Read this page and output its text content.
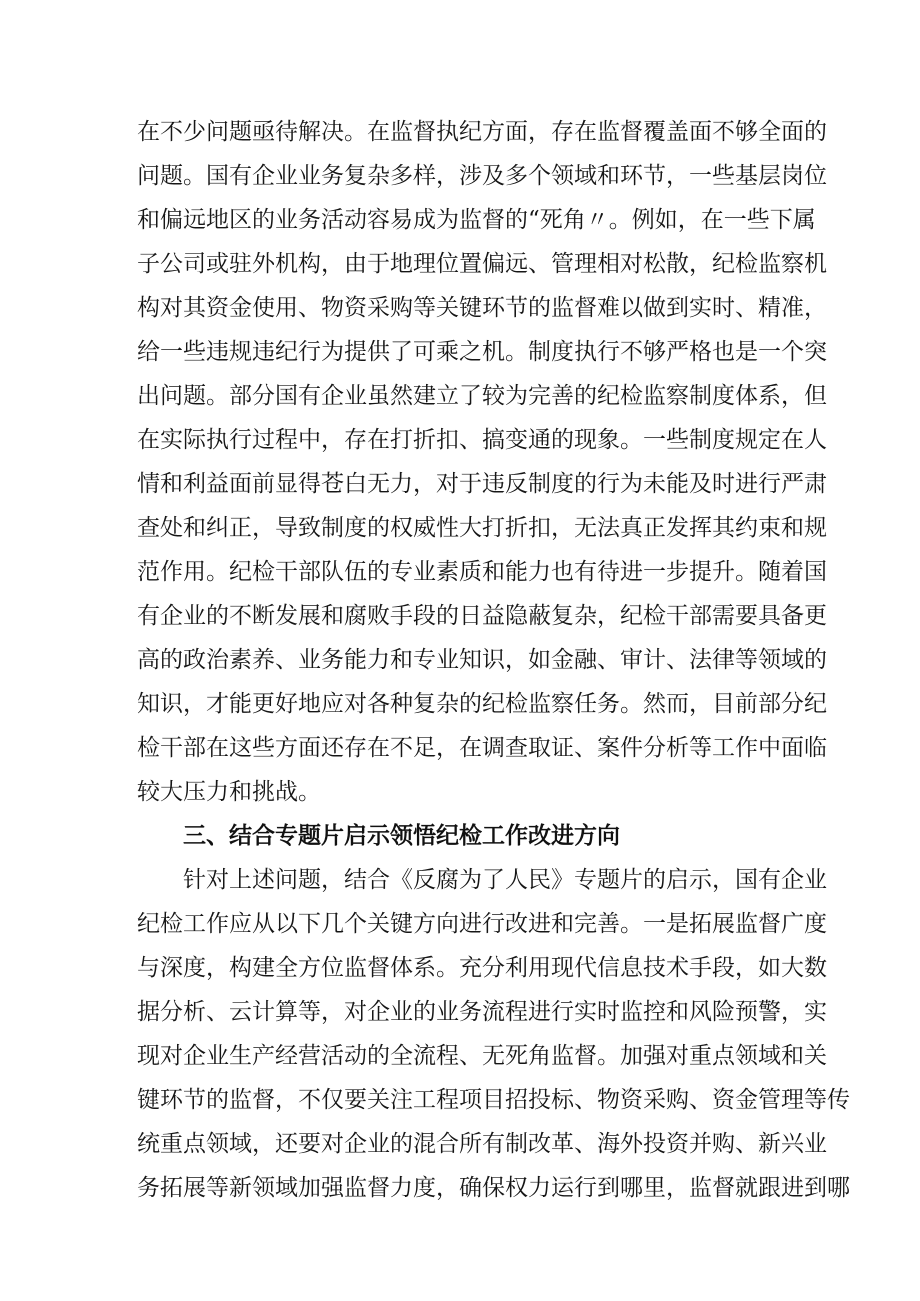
在不少问题亟待解决。在监督执纪方面，存在监督覆盖面不够全面的
问题。国有企业业务复杂多样，涉及多个领域和环节，一些基层岗位
和偏远地区的业务活动容易成为监督的“死角〃。例如，在一些下属
子公司或驻外机构，由于地理位置偏远、管理相对松散，纪检监察机
构对其资金使用、物资采购等关键环节的监督难以做到实时、精准，
给一些违规违纪行为提供了可乘之机。制度执行不够严格也是一个突
出问题。部分国有企业虽然建立了较为完善的纪检监察制度体系，但
在实际执行过程中，存在打折扣、搞变通的现象。一些制度规定在人
情和利益面前显得苍白无力，对于违反制度的行为未能及时进行严肃
查处和纠正，导致制度的权威性大打折扣，无法真正发挥其约束和规
范作用。纪检干部队伍的专业素质和能力也有待进一步提升。随着国
有企业的不断发展和腐败手段的日益隐蔽复杂，纪检干部需要具备更
高的政治素养、业务能力和专业知识，如金融、审计、法律等领域的
知识，才能更好地应对各种复杂的纪检监察任务。然而，目前部分纪
检干部在这些方面还存在不足，在调查取证、案件分析等工作中面临
较大压力和挑战。
三、结合专题片启示领悟纪检工作改进方向
针对上述问题，结合《反腐为了人民》专题片的启示，国有企业
纪检工作应从以下几个关键方向进行改进和完善。一是拓展监督广度
与深度，构建全方位监督体系。充分利用现代信息技术手段，如大数
据分析、云计算等，对企业的业务流程进行实时监控和风险预警，实
现对企业生产经营活动的全流程、无死角监督。加强对重点领域和关
键环节的监督，不仅要关注工程项目招投标、物资采购、资金管理等传
统重点领域，还要对企业的混合所有制改革、海外投资并购、新兴业
务拓展等新领域加强监督力度，确保权力运行到哪里，监督就跟进到哪
